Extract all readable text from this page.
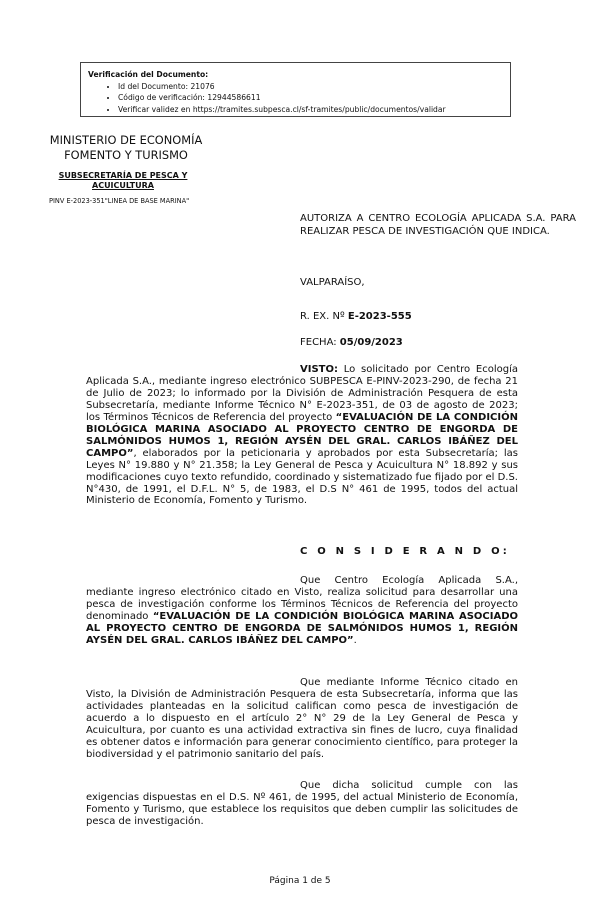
Verificación del Documento:
• Id del Documento: 21076
• Código de verificación: 12944586611
• Verificar validez en https://tramites.subpesca.cl/sf-tramites/public/documentos/validar
MINISTERIO DE ECONOMÍA
FOMENTO Y TURISMO
SUBSECRETARÍA DE PESCA Y ACUICULTURA
PINV E-2023-351"LINEA DE BASE MARINA"
AUTORIZA A CENTRO ECOLOGÍA APLICADA S.A. PARA REALIZAR PESCA DE INVESTIGACIÓN QUE INDICA.
VALPARAÍSO,
R. EX. Nº E-2023-555
FECHA: 05/09/2023

VISTO: Lo solicitado por Centro Ecología Aplicada S.A., mediante ingreso electrónico SUBPESCA E-PINV-2023-290, de fecha 21 de Julio de 2023; lo informado por la División de Administración Pesquera de esta Subsecretaría, mediante Informe Técnico N° E-2023-351, de 03 de agosto de 2023; los Términos Técnicos de Referencia del proyecto “EVALUACIÓN DE LA CONDICIÓN BIOLÓGICA MARINA ASOCIADO AL PROYECTO CENTRO DE ENGORDA DE SALMÓNIDOS HUMOS 1, REGIÓN AYSÉN DEL GRAL. CARLOS IBÁÑEZ DEL CAMPO”, elaborados por la peticionaria y aprobados por esta Subsecretaría; las Leyes N° 19.880 y N° 21.358; la Ley General de Pesca y Acuicultura N° 18.892 y sus modificaciones cuyo texto refundido, coordinado y sistematizado fue fijado por el D.S. N°430, de 1991, el D.F.L. N° 5, de 1983, el D.S N° 461 de 1995, todos del actual Ministerio de Economía, Fomento y Turismo.

C O N S I D E R A N D O:

Que Centro Ecología Aplicada S.A., mediante ingreso electrónico citado en Visto, realiza solicitud para desarrollar una pesca de investigación conforme los Términos Técnicos de Referencia del proyecto denominado “EVALUACIÓN DE LA CONDICIÓN BIOLÓGICA MARINA ASOCIADO AL PROYECTO CENTRO DE ENGORDA DE SALMÓNIDOS HUMOS 1, REGIÓN AYSÉN DEL GRAL. CARLOS IBÁÑEZ DEL CAMPO”.

Que mediante Informe Técnico citado en Visto, la División de Administración Pesquera de esta Subsecretaría, informa que las actividades planteadas en la solicitud califican como pesca de investigación de acuerdo a lo dispuesto en el artículo 2° N° 29 de la Ley General de Pesca y Acuicultura, por cuanto es una actividad extractiva sin fines de lucro, cuya finalidad es obtener datos e información para generar conocimiento científico, para proteger la biodiversidad y el patrimonio sanitario del país.

Que dicha solicitud cumple con las exigencias dispuestas en el D.S. Nº 461, de 1995, del actual Ministerio de Economía, Fomento y Turismo, que establece los requisitos que deben cumplir las solicitudes de pesca de investigación.

Página 1 de 5
